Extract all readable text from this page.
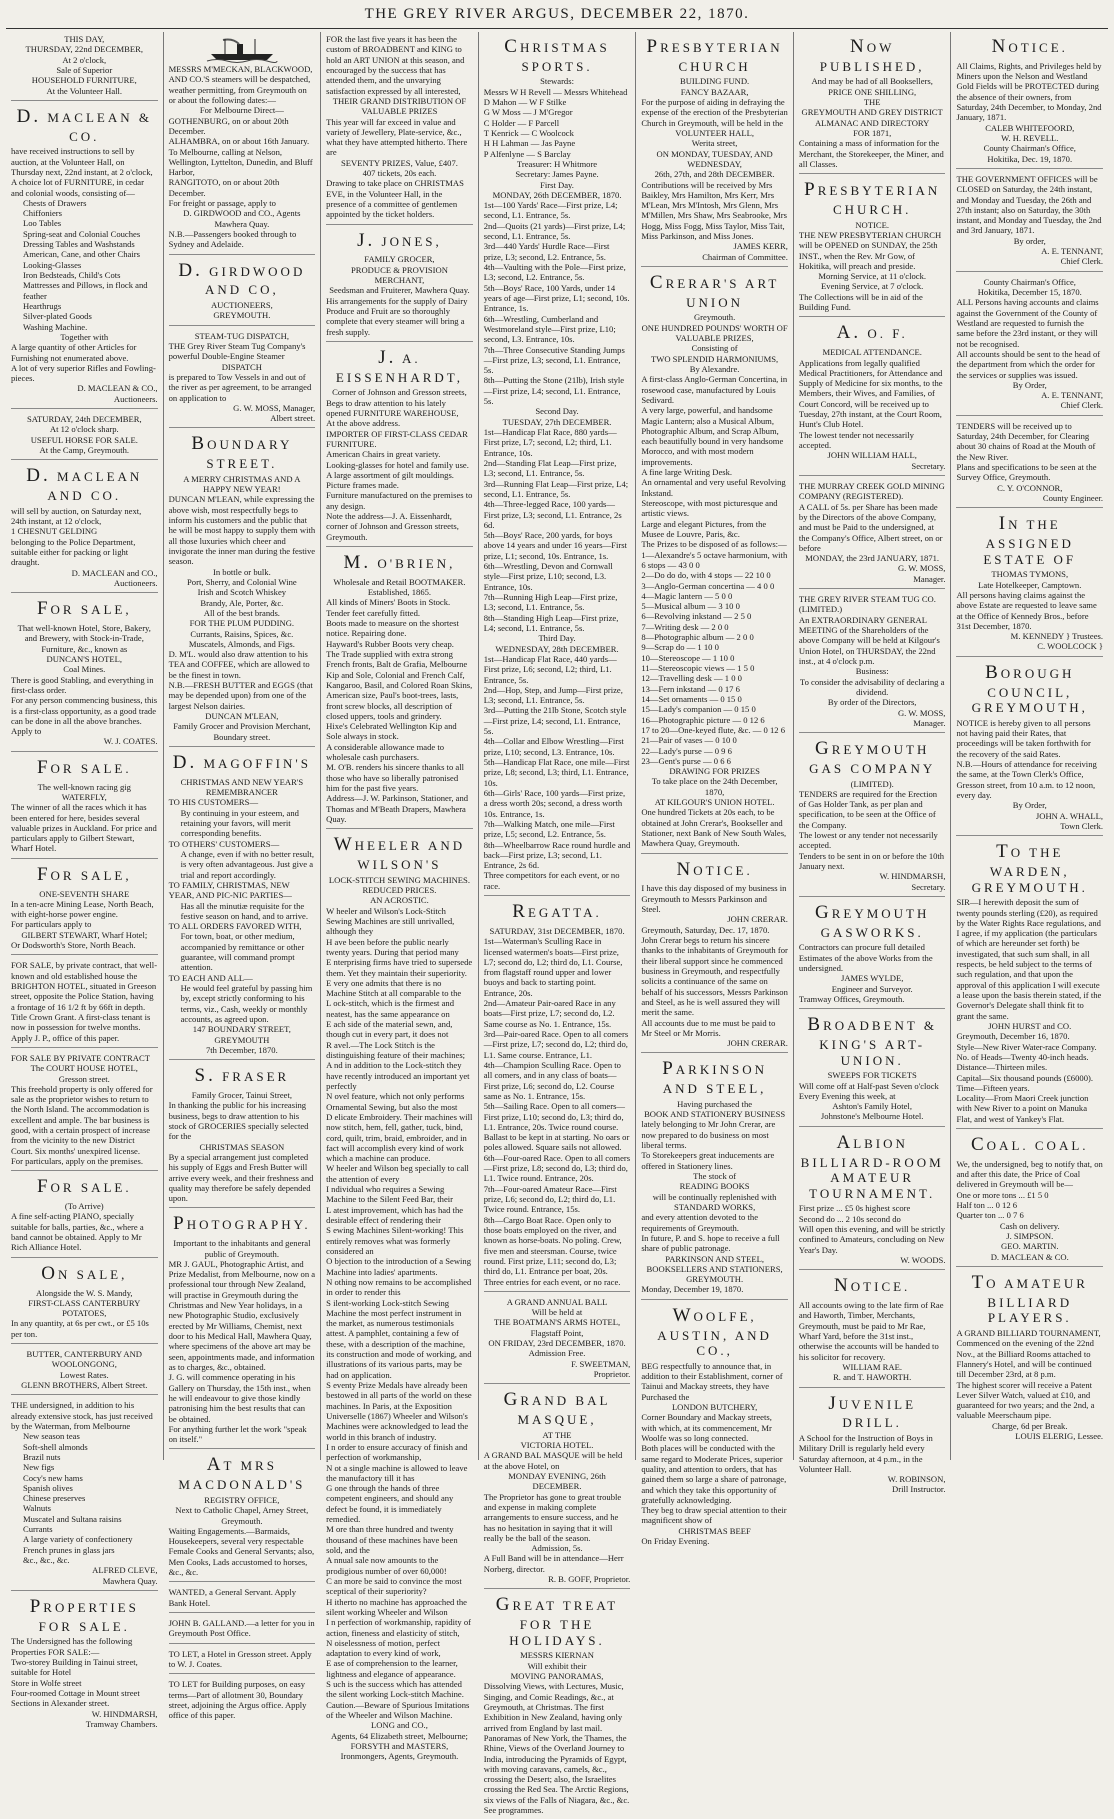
THE GREY RIVER ARGUS, DECEMBER 22, 1870.

THIS DAY,

THURSDAY, 22nd DECEMBER,

At 2 o'clock,

Sale of Superior

HOUSEHOLD FURNITURE,

At the Volunteer Hall.

D. MACLEAN & CO.

have received instructions to sell by auction, at the Volunteer Hall, on Thursday next, 22nd instant, at 2 o'clock,

A choice lot of FURNITURE, in cedar and colonial woods, consisting of—

Chests of Drawers

Chiffoniers

Loo Tables

Spring-seat and Colonial Couches

Dressing Tables and Washstands

American, Cane, and other Chairs

Looking-Glasses

Iron Bedsteads, Child's Cots

Mattresses and Pillows, in flock and feather

Hearthrugs

Silver-plated Goods

Washing Machine.

Together with

A large quantity of other Articles for Furnishing not enumerated above.

A lot of very superior Rifles and Fowling-pieces.

D. MACLEAN & CO.,

Auctioneers.

SATURDAY, 24th DECEMBER,

At 12 o'clock sharp.

USEFUL HORSE FOR SALE.

At the Camp, Greymouth.

D. MACLEAN AND CO.

will sell by auction, on Saturday next, 24th instant, at 12 o'clock,

1 CHESNUT GELDING

belonging to the Police Department, suitable either for packing or light draught.

D. MACLEAN and CO.,

Auctioneers.

FOR SALE,

That well-known Hotel, Store, Bakery, and Brewery, with Stock-in-Trade, Furniture, &c., known as

DUNCAN'S HOTEL,

Coal Mines.

There is good Stabling, and everything in first-class order.

For any person commencing business, this is a first-class opportunity, as a good trade can be done in all the above branches.

Apply to

W. J. COATES.

FOR SALE.

The well-known racing gig

WATERFLY,

The winner of all the races which it has been entered for here, besides several valuable prizes in Auckland. For price and particulars apply to Gilbert Stewart, Wharf Hotel.

FOR SALE,

ONE-SEVENTH SHARE

In a ten-acre Mining Lease, North Beach, with eight-horse power engine.

For particulars apply to

GILBERT STEWART, Wharf Hotel;

Or Dodsworth's Store, North Beach.

FOR SALE, by private contract, that well-known and old established house the BRIGHTON HOTEL, situated in Greeson street, opposite the Police Station, having a frontage of 16 1/2 ft by 66ft in depth. Title Crown Grant. A first-class tenant is now in possession for twelve months. Apply J. P., office of this paper.

FOR SALE BY PRIVATE CONTRACT

The COURT HOUSE HOTEL,

Gresson street.

This freehold property is only offered for sale as the proprietor wishes to return to the North Island. The accommodation is excellent and ample. The bar business is good, with a certain prospect of increase from the vicinity to the new District Court. Six months' unexpired license.

For particulars, apply on the premises.

FOR SALE.

(To Arrive)

A fine self-acting PIANO, specially suitable for balls, parties, &c., where a band cannot be obtained. Apply to Mr Rich Alliance Hotel.

ON SALE,

Alongside the W. S. Mandy,

FIRST-CLASS CANTERBURY POTATOES,

In any quantity, at 6s per cwt., or £5 10s per ton.

BUTTER, CANTERBURY AND WOOLONGONG,

Lowest Rates.

GLENN BROTHERS, Albert Street.

THE undersigned, in addition to his already extensive stock, has just received by the Waterman, from Melbourne

New season teas

Soft-shell almonds

Brazil nuts

New figs

Cocy's new hams

Spanish olives

Chinese preserves

Walnuts

Muscatel and Sultana raisins

Currants

A large variety of confectionery

French prunes in glass jars

&c., &c., &c.

ALFRED CLEVE,

Mawhera Quay.

PROPERTIES FOR SALE.

The Undersigned has the following Properties FOR SALE:—

Two-storey Building in Tainui street, suitable for Hotel

Store in Wolfe street

Four-roomed Cottage in Mount street

Sections in Alexander street.

W. HINDMARSH,

Tramway Chambers.

MESSRS M'MECKAN, BLACKWOOD, AND CO.'S steamers will be despatched, weather permitting, from Greymouth on or about the following dates:—

For Melbourne Direct—

GOTHENBURG, on or about 20th December.

ALHAMBRA, on or about 16th January.

To Melbourne, calling at Nelson, Wellington, Lyttelton, Dunedin, and Bluff Harbor,

RANGITOTO, on or about 20th December.

For freight or passage, apply to

D. GIRDWOOD and CO., Agents

Mawhera Quay.

N.B.—Passengers booked through to Sydney and Adelaide.

D. GIRDWOOD AND CO,

AUCTIONEERS,

GREYMOUTH.

STEAM-TUG DISPATCH,

THE Grey River Steam Tug Company's powerful Double-Engine Steamer

DISPATCH

is prepared to Tow Vessels in and out of the river as per agreement, to be arranged on application to

G. W. MOSS, Manager,

Albert street.

BOUNDARY STREET.

A MERRY CHRISTMAS AND A HAPPY NEW YEAR!

DUNCAN M'LEAN, while expressing the above wish, most respectfully begs to inform his customers and the public that he will be most happy to supply them with all those luxuries which cheer and invigorate the inner man during the festive season.

In bottle or bulk.

Port, Sherry, and Colonial Wine

Irish and Scotch Whiskey

Brandy, Ale, Porter, &c.

All of the best brands.

FOR THE PLUM PUDDING.

Currants, Raisins, Spices, &c.

Muscatels, Almonds, and Figs.

D. M'L. would also draw attention to his TEA and COFFEE, which are allowed to be the finest in town.

N.B.—FRESH BUTTER and EGGS (that may be depended upon) from one of the largest Nelson dairies.

DUNCAN M'LEAN,

Family Grocer and Provision Merchant, Boundary street.

D. MAGOFFIN'S

CHRISTMAS AND NEW YEAR'S REMEMBRANCER

TO HIS CUSTOMERS—

By continuing in your esteem, and retaining your favors, will merit corresponding benefits.

TO OTHERS' CUSTOMERS—

A change, even if with no better result, is very often advantageous. Just give a trial and report accordingly.

TO FAMILY, CHRISTMAS, NEW YEAR, AND PIC-NIC PARTIES—

Has all the minutiæ requisite for the festive season on hand, and to arrive.

TO ALL ORDERS FAVORED WITH,

For town, boat, or other medium, accompanied by remittance or other guarantee, will command prompt attention.

TO EACH AND ALL—

He would feel grateful by passing him by, except strictly conforming to his terms, viz., Cash, weekly or monthly accounts, as agreed upon.

147 BOUNDARY STREET, GREYMOUTH

7th December, 1870.

S. FRASER

Family Grocer, Tainui Street,

In thanking the public for his increasing business, begs to draw attention to his stock of GROCERIES specially selected for the

CHRISTMAS SEASON

By a special arrangement just completed his supply of Eggs and Fresh Butter will arrive every week, and their freshness and quality may therefore be safely depended upon.

PHOTOGRAPHY.

Important to the inhabitants and general public of Greymouth.

MR J. GAUL, Photographic Artist, and Prize Medalist, from Melbourne, now on a professional tour through New Zealand, will practise in Greymouth during the Christmas and New Year holidays, in a new Photographic Studio, exclusively erected by Mr Williams, Chemist, next door to his Medical Hall, Mawhera Quay, where specimens of the above art may be seen, appointments made, and information as to charges, &c., obtained.

J. G. will commence operating in his Gallery on Thursday, the 15th inst., when he will endeavour to give those kindly patronising him the best results that can be obtained.

For anything further let the work "speak on itself."

AT MRS MACDONALD'S

REGISTRY OFFICE,

Next to Catholic Chapel, Arney Street, Greymouth.

Waiting Engagements.—Barmaids, Housekeepers, several very respectable Female Cooks and General Servants; also, Men Cooks, Lads accustomed to horses, &c., &c.

WANTED, a General Servant. Apply Bank Hotel.

JOHN B. GALLAND.—a letter for you in Greymouth Post Office.

TO LET, a Hotel in Gresson street. Apply to W. J. Coates.

TO LET for Building purposes, on easy terms—Part of allotment 30, Boundary street, adjoining the Argus office. Apply office of this paper.

FOR the last five years it has been the custom of BROADBENT and KING to hold an ART UNION at this season, and encouraged by the success that has attended them, and the unvarying satisfaction expressed by all interested,

THEIR GRAND DISTRIBUTION OF

VALUABLE PRIZES

This year will far exceed in value and variety of Jewellery, Plate-service, &c., what they have attempted hitherto. There are

SEVENTY PRIZES, Value, £407.

407 tickets, 20s each.

Drawing to take place on CHRISTMAS EVE, in the Volunteer Hall, in the presence of a committee of gentlemen appointed by the ticket holders.

J. JONES,

FAMILY GROCER,

PRODUCE & PROVISION MERCHANT,

Seedsman and Fruiterer, Mawhera Quay.

His arrangements for the supply of Dairy Produce and Fruit are so thoroughly complete that every steamer will bring a fresh supply.

J. A. EISSENHARDT,

Corner of Johnson and Gresson streets,

Begs to draw attention to his lately opened FURNITURE WAREHOUSE,

At the above address.

IMPORTER OF FIRST-CLASS CEDAR FURNITURE.

American Chairs in great variety.

Looking-glasses for hotel and family use.

A large assortment of gilt mouldings.

Picture frames made.

Furniture manufactured on the premises to any design.

Note the address—J. A. Eissenhardt, corner of Johnson and Gresson streets, Greymouth.

M. O'BRIEN,

Wholesale and Retail BOOTMAKER.

Established, 1865.

All kinds of Miners' Boots in Stock.

Tender feet carefully fitted.

Boots made to measure on the shortest notice. Repairing done.

Hayward's Rubber Boots very cheap.

The Trade supplied with extra strong French fronts, Balt de Grafia, Melbourne Kip and Sole, Colonial and French Calf, Kangaroo, Basil, and Colored Roan Skins, American size, Paul's boot-trees, lasts, front screw blocks, all description of closed uppers, tools and grindery.

Hixe's Celebrated Wellington Kip and Sole always in stock.

A considerable allowance made to wholesale cash purchasers.

M. O'B. renders his sincere thanks to all those who have so liberally patronised him for the past five years.

Address—J. W. Parkinson, Stationer, and Thomas and M'Beath Drapers, Mawhera Quay.

WHEELER AND WILSON'S

LOCK-STITCH SEWING MACHINES.

REDUCED PRICES.

AN ACROSTIC.

W heeler and Wilson's Lock-Stitch Sewing Machines are still unrivalled, although they

H ave been before the public nearly twenty years. During that period many

E nterprising firms have tried to supersede them. Yet they maintain their superiority.

E very one admits that there is no Machine Stitch at all comparable to the

L ock-stitch, which is the firmest and neatest, has the same appearance on

E ach side of the material sewn, and, though cut in every part, it does not

R avel.—The Lock Stitch is the distinguishing feature of their machines;

A nd in addition to the Lock-stitch they have recently introduced an important yet perfectly

N ovel feature, which not only performs Ornamental Sewing, but also the most

D elicate Embroidery. Their machines will now stitch, hem, fell, gather, tuck, bind, cord, quilt, trim, braid, embroider, and in fact will accomplish every kind of work which a machine can produce.

W heeler and Wilson beg specially to call the attention of every

I ndividual who requires a Sewing Machine to the Silent Feed Bar, their

L atest improvement, which has had the desirable effect of rendering their

S ewing Machines Silent-working! This entirely removes what was formerly considered an

O bjection to the introduction of a Sewing Machine into ladies' apartments.

N othing now remains to be accomplished in order to render this

S ilent-working Lock-stitch Sewing Machine the most perfect instrument in the market, as numerous testimonials attest. A pamphlet, containing a few of these, with a description of the machine, its construction and mode of working, and illustrations of its various parts, may be had on application.

S eventy Prize Medals have already been bestowed in all parts of the world on these machines. In Paris, at the Exposition Universelle (1867) Wheeler and Wilson's Machines were acknowledged to lead the world in this branch of industry.

I n order to ensure accuracy of finish and perfection of workmanship,

N ot a single machine is allowed to leave the manufactory till it has

G one through the hands of three competent engineers, and should any defect be found, it is immediately remedied.

M ore than three hundred and twenty thousand of these machines have been sold, and the

A nnual sale now amounts to the prodigious number of over 60,000!

C an more be said to convince the most sceptical of their superiority?

H itherto no machine has approached the silent working Wheeler and Wilson

I n perfection of workmanship, rapidity of action, fineness and elasticity of stitch,

N oiselessness of motion, perfect adaptation to every kind of work,

E ase of comprehension to the learner, lightness and elegance of appearance.

S uch is the success which has attended the silent working Lock-stitch Machine.

Caution.—Beware of Spurious Imitations of the Wheeler and Wilson Machine.

LONG and CO.,

Agents, 64 Elizabeth street, Melbourne;

FORSYTH and MASTERS,

Ironmongers, Agents, Greymouth.

CHRISTMAS SPORTS.

Stewards:

Messrs W H Revell — Messrs Whitehead

D Mahon — W F Stilke

G W Moss — J M'Gregor

C Holder — F Parcell

T Kenrick — C Woolcock

H H Lahman — Jas Payne

P Alfenlyne — S Barclay

Treasurer: H Whitmore

Secretary: James Payne.

First Day.

MONDAY, 26th DECEMBER, 1870.

1st—100 Yards' Race—First prize, L4; second, L1. Entrance, 5s.

2nd—Quoits (21 yards)—First prize, L4; second, L1. Entrance, 5s.

3rd—440 Yards' Hurdle Race—First prize, L3; second, L2. Entrance, 5s.

4th—Vaulting with the Pole—First prize, L3; second, L2. Entrance, 5s.

5th—Boys' Race, 100 Yards, under 14 years of age—First prize, L1; second, 10s. Entrance, 1s.

6th—Wrestling, Cumberland and Westmoreland style—First prize, L10; second, L3. Entrance, 10s.

7th—Three Consecutive Standing Jumps—First prize, L3; second, L1. Entrance, 5s.

8th—Putting the Stone (21lb), Irish style—First prize, L4; second, L1. Entrance, 5s.

Second Day.

TUESDAY, 27th DECEMBER.

1st—Handicap Flat Race, 880 yards—First prize, L7; second, L2; third, L1. Entrance, 10s.

2nd—Standing Flat Leap—First prize, L3; second, L1. Entrance, 5s.

3rd—Running Flat Leap—First prize, L4; second, L1. Entrance, 5s.

4th—Three-legged Race, 100 yards—First prize, L3; second, L1. Entrance, 2s 6d.

5th—Boys' Race, 200 yards, for boys above 14 years and under 16 years—First prize, L1; second, 10s. Entrance, 1s.

6th—Wrestling, Devon and Cornwall style—First prize, L10; second, L3. Entrance, 10s.

7th—Running High Leap—First prize, L3; second, L1. Entrance, 5s.

8th—Standing High Leap—First prize, L4; second, L1. Entrance, 5s.

Third Day.

WEDNESDAY, 28th DECEMBER.

1st—Handicap Flat Race, 440 yards—First prize, L6; second, L2; third, L1. Entrance, 5s.

2nd—Hop, Step, and Jump—First prize, L3; second, L1. Entrance, 5s.

3rd—Putting the 21lb Stone, Scotch style—First prize, L4; second, L1. Entrance, 5s.

4th—Collar and Elbow Wrestling—First prize, L10; second, L3. Entrance, 10s.

5th—Handicap Flat Race, one mile—First prize, L8; second, L3; third, L1. Entrance, 10s.

6th—Girls' Race, 100 yards—First prize, a dress worth 20s; second, a dress worth 10s. Entrance, 1s.

7th—Walking Match, one mile—First prize, L5; second, L2. Entrance, 5s.

8th—Wheelbarrow Race round hurdle and back—First prize, L3; second, L1. Entrance, 2s 6d.

Three competitors for each event, or no race.

REGATTA.

SATURDAY, 31st DECEMBER, 1870.

1st—Waterman's Sculling Race in licensed watermen's boats—First prize, L7; second do, L2; third do, L1. Course, from flagstaff round upper and lower buoys and back to starting point. Entrance, 20s.

2nd—Amateur Pair-oared Race in any boats—First prize, L7; second do, L2. Same course as No. 1. Entrance, 15s.

3rd—Pair-oared Race. Open to all comers—First prize, L7; second do, L2; third do, L1. Same course. Entrance, L1.

4th—Champion Sculling Race. Open to all comers, and in any class of boats—First prize, L6; second do, L2. Course same as No. 1. Entrance, 15s.

5th—Sailing Race. Open to all comers—First prize, L10; second do, L3; third do, L1. Entrance, 20s. Twice round course. Ballast to be kept in at starting. No oars or poles allowed. Square sails not allowed.

6th—Four-oared Race. Open to all comers—First prize, L8; second do, L3; third do, L1. Twice round. Entrance, 20s.

7th—Four-oared Amateur Race—First prize, L6; second do, L2; third do, L1. Twice round. Entrance, 15s.

8th—Cargo Boat Race. Open only to those boats employed on the river, and known as horse-boats. No poling. Crew, five men and steersman. Course, twice round. First prize, L11; second do, L3; third do, L1. Entrance per boat, 20s.

Three entries for each event, or no race.

A GRAND ANNUAL BALL

Will be held at

THE BOATMAN'S ARMS HOTEL,

Flagstaff Point,

ON FRIDAY, 23rd DECEMBER, 1870.

Admission Free.

F. SWEETMAN,

Proprietor.

GRAND BAL MASQUE,

AT THE

VICTORIA HOTEL.

A GRAND BAL MASQUE will be held at the above Hotel, on

MONDAY EVENING, 26th DECEMBER.

The Proprietor has gone to great trouble and expense in making complete arrangements to ensure success, and he has no hesitation in saying that it will really be the ball of the season.

Admission, 5s.

A Full Band will be in attendance—Herr Norberg, director.

R. B. GOFF, Proprietor.

GREAT TREAT FOR THE HOLIDAYS.

MESSRS KIERNAN

Will exhibit their

MOVING PANORAMAS,

Dissolving Views, with Lectures, Music, Singing, and Comic Readings, &c., at Greymouth, at Christmas. The first Exhibition in New Zealand, having only arrived from England by last mail. Panoramas of New York, the Thames, the Rhine, Views of the Overland Journey to India, introducing the Pyramids of Egypt, with moving caravans, camels, &c., crossing the Desert; also, the Israelites crossing the Red Sea. The Arctic Regions, six views of the Falls of Niagara, &c., &c. See programmes.

PRESBYTERIAN CHURCH

BUILDING FUND.

FANCY BAZAAR,

For the purpose of aiding in defraying the expense of the erection of the Presbyterian Church in Greymouth, will be held in the

VOLUNTEER HALL,

Werita street,

ON MONDAY, TUESDAY, AND WEDNESDAY,

26th, 27th, and 28th DECEMBER.

Contributions will be received by Mrs Baikley, Mrs Hamilton, Mrs Kerr, Mrs M'Lean, Mrs M'Intosh, Mrs Glenn, Mrs M'Millen, Mrs Shaw, Mrs Seabrooke, Mrs Hogg, Miss Fogg, Miss Taylor, Miss Tait, Miss Parkinson, and Miss Jones.

JAMES KERR,

Chairman of Committee.

CRERAR'S ART UNION

Greymouth.

ONE HUNDRED POUNDS' WORTH OF VALUABLE PRIZES,

Consisting of

TWO SPLENDID HARMONIUMS,

By Alexandre.

A first-class Anglo-German Concertina, in rosewood case, manufactured by Louis Sedivard.

A very large, powerful, and handsome Magic Lantern; also a Musical Album, Photographic Album, and Scrap Album, each beautifully bound in very handsome Morocco, and with most modern improvements.

A fine large Writing Desk.

An ornamental and very useful Revolving Inkstand.

Stereoscope, with most picturesque and artistic views.

Large and elegant Pictures, from the Musee de Louvre, Paris, &c.

The Prizes to be disposed of as follows:—

1—Alexandre's 5 octave harmonium, with 6 stops — 43 0 0

2—Do do do, with 4 stops — 22 10 0

3—Anglo-German concertina — 4 0 0

4—Magic lantern — 5 0 0

5—Musical album — 3 10 0

6—Revolving inkstand — 2 5 0

7—Writing desk — 2 0 0

8—Photographic album — 2 0 0

9—Scrap do — 1 10 0

10—Stereoscope — 1 10 0

11—Stereoscopic views — 1 5 0

12—Travelling desk — 1 0 0

13—Fern inkstand — 0 17 6

14—Set ornaments — 0 15 0

15—Lady's companion — 0 15 0

16—Photographic picture — 0 12 6

17 to 20—One-keyed flute, &c. — 0 12 6

21—Pair of vases — 0 10 0

22—Lady's purse — 0 9 6

23—Gent's purse — 0 6 6

DRAWING FOR PRIZES

To take place on the 24th December, 1870,

AT KILGOUR'S UNION HOTEL.

One hundred Tickets at 20s each, to be obtained at John Crerar's, Bookseller and Stationer, next Bank of New South Wales, Mawhera Quay, Greymouth.

NOTICE.

I have this day disposed of my business in Greymouth to Messrs Parkinson and Steel.

JOHN CRERAR.

Greymouth, Saturday, Dec. 17, 1870.

John Crerar begs to return his sincere thanks to the inhabitants of Greymouth for their liberal support since he commenced business in Greymouth, and respectfully solicits a continuance of the same on behalf of his successors, Messrs Parkinson and Steel, as he is well assured they will merit the same.

All accounts due to me must be paid to Mr Steel or Mr Morris.

JOHN CRERAR.

PARKINSON AND STEEL,

Having purchased the

BOOK AND STATIONERY BUSINESS

lately belonging to Mr John Crerar, are now prepared to do business on most liberal terms.

To Storekeepers great inducements are offered in Stationery lines.

The stock of

READING BOOKS

will be continually replenished with

STANDARD WORKS,

and every attention devoted to the requirements of Greymouth.

In future, P. and S. hope to receive a full share of public patronage.

PARKINSON AND STEEL,

BOOKSELLERS AND STATIONERS,

GREYMOUTH.

Monday, December 19, 1870.

WOOLFE, AUSTIN, AND CO.,

BEG respectfully to announce that, in addition to their Establishment, corner of Tainui and Mackay streets, they have Purchased the

LONDON BUTCHERY,

Corner Boundary and Mackay streets, with which, at its commencement, Mr Woolfe was so long connected.

Both places will be conducted with the same regard to Moderate Prices, superior quality, and attention to orders, that has gained them so large a share of patronage, and which they take this opportunity of gratefully acknowledging.

They beg to draw special attention to their magnificent show of

CHRISTMAS BEEF

On Friday Evening.

NOW PUBLISHED,

And may be had of all Booksellers,

PRICE ONE SHILLING,

THE

GREYMOUTH AND GREY DISTRICT

ALMANAC AND DIRECTORY

FOR 1871,

Containing a mass of information for the Merchant, the Storekeeper, the Miner, and all Classes.

PRESBYTERIAN CHURCH.

NOTICE.

THE NEW PRESBYTERIAN CHURCH will be OPENED on SUNDAY, the 25th INST., when the Rev. Mr Gow, of Hokitika, will preach and preside.

Morning Service, at 11 o'clock.

Evening Service, at 7 o'clock.

The Collections will be in aid of the Building Fund.

A. O. F.

MEDICAL ATTENDANCE.

Applications from legally qualified Medical Practitioners, for Attendance and Supply of Medicine for six months, to the Members, their Wives, and Families, of Court Concord, will be received up to Tuesday, 27th instant, at the Court Room, Hunt's Club Hotel.

The lowest tender not necessarily accepted.

JOHN WILLIAM HALL,

Secretary.

THE MURRAY CREEK GOLD MINING COMPANY (REGISTERED).

A CALL of 5s. per Share has been made by the Directors of the above Company, and must be Paid to the undersigned, at the Company's Office, Albert street, on or before

MONDAY, the 23rd JANUARY, 1871.

G. W. MOSS,

Manager.

THE GREY RIVER STEAM TUG CO. (LIMITED.)

An EXTRAORDINARY GENERAL MEETING of the Shareholders of the above Company will be held at Kilgour's Union Hotel, on THURSDAY, the 22nd inst., at 4 o'clock p.m.

Business:

To consider the advisability of declaring a dividend.

By order of the Directors,

G. W. MOSS,

Manager.

GREYMOUTH GAS COMPANY

(LIMITED).

TENDERS are required for the Erection of Gas Holder Tank, as per plan and specification, to be seen at the Office of the Company.

The lowest or any tender not necessarily accepted.

Tenders to be sent in on or before the 10th January next.

W. HINDMARSH,

Secretary.

GREYMOUTH GASWORKS.

Contractors can procure full detailed Estimates of the above Works from the undersigned.

JAMES WYLDE,

Engineer and Surveyor.

Tramway Offices, Greymouth.

BROADBENT & KING'S ART-UNION.

SWEEPS FOR TICKETS

Will come off at Half-past Seven o'clock Every Evening this week, at

Ashton's Family Hotel,

Johnstone's Melbourne Hotel.

ALBION BILLIARD-ROOM AMATEUR TOURNAMENT.

First prize ... £5 0s highest score

Second do ... 2 10s second do

Will open this evening, and will be strictly confined to Amateurs, concluding on New Year's Day.

W. WOODS.

NOTICE.

All accounts owing to the late firm of Rae and Haworth, Timber, Merchants, Greymouth, must be paid to Mr Rae, Wharf Yard, before the 31st inst., otherwise the accounts will be handed to his solicitor for recovery.

WILLIAM RAE.

R. and T. HAWORTH.

JUVENILE DRILL.

A School for the Instruction of Boys in Military Drill is regularly held every Saturday afternoon, at 4 p.m., in the Volunteer Hall.

W. ROBINSON,

Drill Instructor.

NOTICE.

All Claims, Rights, and Privileges held by Miners upon the Nelson and Westland Gold Fields will be PROTECTED during the absence of their owners, from Saturday, 24th December, to Monday, 2nd January, 1871.

CALEB WHITEFOORD,

W. H. REVELL.

County Chairman's Office,

Hokitika, Dec. 19, 1870.

THE GOVERNMENT OFFICES will be CLOSED on Saturday, the 24th instant, and Monday and Tuesday, the 26th and 27th instant; also on Saturday, the 30th instant, and Monday and Tuesday, the 2nd and 3rd January, 1871.

By order,

A. E. TENNANT,

Chief Clerk.

County Chairman's Office,

Hokitika, December 15, 1870.

ALL Persons having accounts and claims against the Government of the County of Westland are requested to furnish the same before the 23rd instant, or they will not be recognised.

All accounts should be sent to the head of the department from which the order for the services or supplies was issued.

By Order,

A. E. TENNANT,

Chief Clerk.

TENDERS will be received up to Saturday, 24th December, for Clearing about 30 chains of Road at the Mouth of the New River.

Plans and specifications to be seen at the Survey Office, Greymouth.

C. Y. O'CONNOR,

County Engineer.

IN THE ASSIGNED ESTATE OF

THOMAS TYMONS,

Late Hotelkeeper, Camptown.

All persons having claims against the above Estate are requested to leave same at the Office of Kennedy Bros., before 31st December, 1870.

M. KENNEDY } Trustees.

C. WOOLCOCK }

BOROUGH COUNCIL, GREYMOUTH,

NOTICE is hereby given to all persons not having paid their Rates, that proceedings will be taken forthwith for the recovery of the said Rates.

N.B.—Hours of attendance for receiving the same, at the Town Clerk's Office, Gresson street, from 10 a.m. to 12 noon, every day.

By Order,

JOHN A. WHALL,

Town Clerk.

TO THE WARDEN, GREYMOUTH.

SIR—I herewith deposit the sum of twenty pounds sterling (£20), as required by the Water Rights Race regulations, and I agree, if my application (the particulars of which are hereunder set forth) be investigated, that such sum shall, in all respects, be held subject to the terms of such regulation, and that upon the approval of this application I will execute a lease upon the basis therein stated, if the Governor's Delegate shall think fit to grant the same.

JOHN HURST and CO.

Greymouth, December 16, 1870.

Style—New River Water-race Company.

No. of Heads—Twenty 40-inch heads.

Distance—Thirteen miles.

Capital—Six thousand pounds (£6000).

Time—Fifteen years.

Locality—From Maori Creek junction with New River to a point on Manuka Flat, and west of Yankey's Flat.

COAL. COAL.

We, the undersigned, beg to notify that, on and after this date, the Price of Coal delivered in Greymouth will be—

One or more tons ... £1 5 0

Half ton ... 0 12 6

Quarter ton ... 0 7 6

Cash on delivery.

J. SIMPSON.

GEO. MARTIN.

D. MACLEAN & CO.

TO AMATEUR BILLIARD PLAYERS.

A GRAND BILLIARD TOURNAMENT, Commenced on the evening of the 22nd Nov., at the Billiard Rooms attached to Flannery's Hotel, and will be continued till December 23rd, at 8 p.m.

The highest scorer will receive a Patent Lever Silver Watch, valued at £10, and guaranteed for two years; and the 2nd, a valuable Meerschaum pipe.

Charge, 6d per Break.

LOUIS ELERIG, Lessee.
